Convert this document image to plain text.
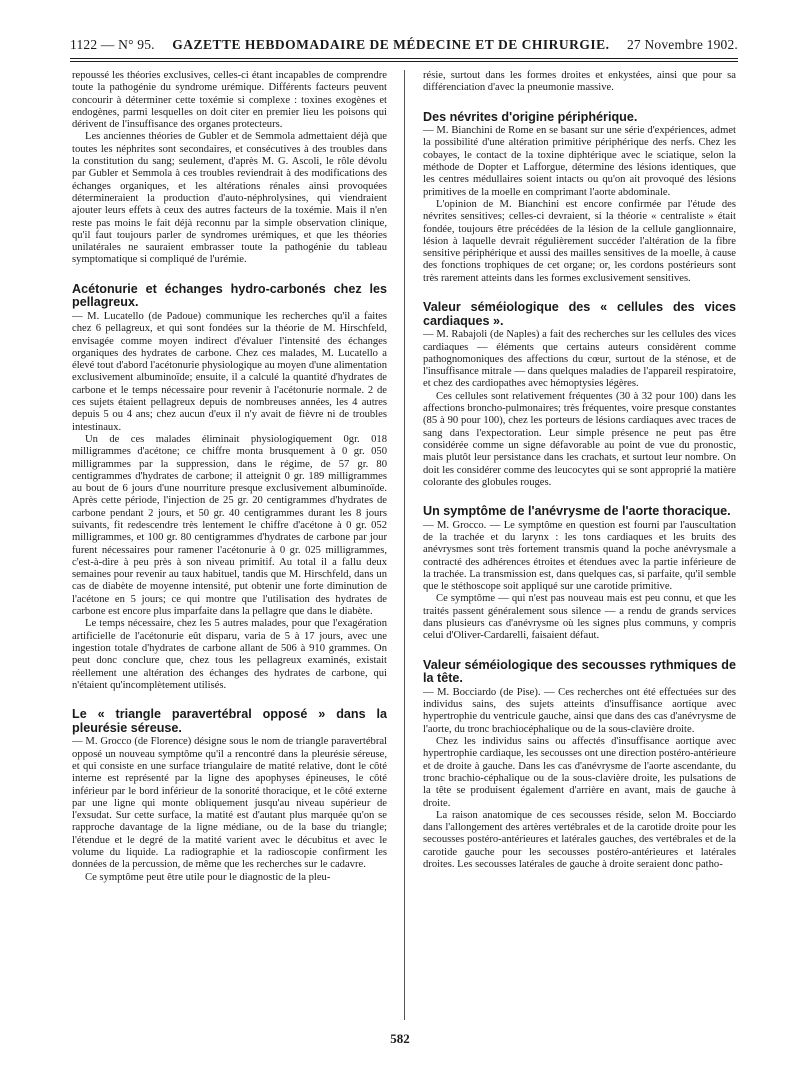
1122 — N° 95. GAZETTE HEBDOMADAIRE DE MÉDECINE ET DE CHIRURGIE. 27 Novembre 1902.

repoussé les théories exclusives, celles-ci étant incapables de comprendre toute la pathogénie du syndrome urémique. Différents facteurs peuvent concourir à déterminer cette toxémie si complexe : toxines exogènes et endogènes, parmi lesquelles on doit citer en premier lieu les poisons qui dérivent de l'insuffisance des organes protecteurs.

Les anciennes théories de Gubler et de Semmola admettaient déjà que toutes les néphrites sont secondaires, et consécutives à des troubles dans la constitution du sang; seulement, d'après M. G. Ascoli, le rôle dévolu par Gubler et Semmola à ces troubles reviendrait à des modifications des échanges organiques, et les altérations rénales ainsi provoquées détermineraient la production d'auto-néphrolysines, qui viendraient ajouter leurs effets à ceux des autres facteurs de la toxémie. Mais il n'en reste pas moins le fait déjà reconnu par la simple observation clinique, qu'il faut toujours parler de syndromes urémiques, et que les théories unilatérales ne sauraient embrasser toute la pathogénie du tableau symptomatique si compliqué de l'urémie.

Acétonurie et échanges hydro-carbonés chez les pellagreux.

— M. Lucatello (de Padoue) communique les recherches qu'il a faites chez 6 pellagreux, et qui sont fondées sur la théorie de M. Hirschfeld, envisagée comme moyen indirect d'évaluer l'intensité des échanges organiques des hydrates de carbone. Chez ces malades, M. Lucatello a élevé tout d'abord l'acétonurie physiologique au moyen d'une alimentation exclusivement albuminoïde; ensuite, il a calculé la quantité d'hydrates de carbone et le temps nécessaire pour revenir à l'acétonurie normale. 2 de ces sujets étaient pellagreux depuis de nombreuses années, les 4 autres depuis 5 ou 4 ans; chez aucun d'eux il n'y avait de fièvre ni de troubles intestinaux.

Un de ces malades éliminait physiologiquement 0gr. 018 milligrammes d'acétone; ce chiffre monta brusquement à 0 gr. 050 milligrammes par la suppression, dans le régime, de 57 gr. 80 centigrammes d'hydrates de carbone; il atteignit 0 gr. 189 milligrammes au bout de 6 jours d'une nourriture presque exclusivement albuminoïde. Après cette période, l'injection de 25 gr. 20 centigrammes d'hydrates de carbone pendant 2 jours, et 50 gr. 40 centigrammes durant les 8 jours suivants, fit redescendre très lentement le chiffre d'acétone à 0 gr. 052 milligrammes, et 100 gr. 80 centigrammes d'hydrates de carbone par jour furent nécessaires pour ramener l'acétonurie à 0 gr. 025 milligrammes, c'est-à-dire à peu près à son niveau primitif. Au total il a fallu deux semaines pour revenir au taux habituel, tandis que M. Hirschfeld, dans un cas de diabète de moyenne intensité, put obtenir une forte diminution de l'acétone en 5 jours; ce qui montre que l'utilisation des hydrates de carbone est encore plus imparfaite dans la pellagre que dans le diabète.

Le temps nécessaire, chez les 5 autres malades, pour que l'exagération artificielle de l'acétonurie eût disparu, varia de 5 à 17 jours, avec une ingestion totale d'hydrates de carbone allant de 506 à 910 grammes. On peut donc conclure que, chez tous les pellagreux examinés, existait réellement une altération des échanges des hydrates de carbone, qui n'étaient qu'incomplètement utilisés.

Le « triangle paravertébral opposé » dans la pleurésie séreuse.

— M. Grocco (de Florence) désigne sous le nom de triangle paravertébral opposé un nouveau symptôme qu'il a rencontré dans la pleurésie séreuse, et qui consiste en une surface triangulaire de matité relative, dont le côté interne est représenté par la ligne des apophyses épineuses, le côté inférieur par le bord inférieur de la sonorité thoracique, et le côté externe par une ligne qui monte obliquement jusqu'au niveau supérieur de l'exsudat. Sur cette surface, la matité est d'autant plus marquée qu'on se rapproche davantage de la ligne médiane, ou de la base du triangle; l'étendue et le degré de la matité varient avec le décubitus et avec le volume du liquide. La radiographie et la radioscopie confirment les données de la percussion, de même que les recherches sur le cadavre.

Ce symptôme peut être utile pour le diagnostic de la pleu-

résie, surtout dans les formes droites et enkystées, ainsi que pour sa différenciation d'avec la pneumonie massive.

Des névrites d'origine périphérique.

— M. Bianchini de Rome en se basant sur une série d'expériences, admet la possibilité d'une altération primitive périphérique des nerfs. Chez les cobayes, le contact de la toxine diphtérique avec le sciatique, selon la méthode de Dopter et Lafforgue, détermine des lésions identiques, que les centres médullaires soient intacts ou qu'on ait provoqué des lésions primitives de la moelle en comprimant l'aorte abdominale.

L'opinion de M. Bianchini est encore confirmée par l'étude des névrites sensitives; celles-ci devraient, si la théorie « centraliste » était fondée, toujours être précédées de la lésion de la cellule ganglionnaire, lésion à laquelle devrait régulièrement succéder l'altération de la fibre sensitive périphérique et aussi des mailles sensitives de la moelle, à cause des fonctions trophiques de cet organe; or, les cordons postérieurs sont très rarement atteints dans les formes exclusivement sensitives.

Valeur séméiologique des « cellules des vices cardiaques ».

— M. Rabajoli (de Naples) a fait des recherches sur les cellules des vices cardiaques — éléments que certains auteurs considèrent comme pathognomoniques des affections du cœur, surtout de la sténose, et de l'insuffisance mitrale — dans quelques maladies de l'appareil respiratoire, et chez des cardiopathes avec hémoptysies légères.

Ces cellules sont relativement fréquentes (30 à 32 pour 100) dans les affections broncho-pulmonaires; très fréquentes, voire presque constantes (85 à 90 pour 100), chez les porteurs de lésions cardiaques avec traces de sang dans l'expectoration. Leur simple présence ne peut pas être considérée comme un signe défavorable au point de vue du pronostic, mais plutôt leur persistance dans les crachats, et surtout leur nombre. On doit les considérer comme des leucocytes qui se sont approprié la matière colorante des globules rouges.

Un symptôme de l'anévrysme de l'aorte thoracique.

— M. Grocco. — Le symptôme en question est fourni par l'auscultation de la trachée et du larynx : les tons cardiaques et les bruits des anévrysmes sont très fortement transmis quand la poche anévrysmale a contracté des adhérences étroites et étendues avec la partie inférieure de la trachée. La transmission est, dans quelques cas, si parfaite, qu'il semble que le stéthoscope soit appliqué sur une carotide primitive.

Ce symptôme — qui n'est pas nouveau mais est peu connu, et que les traités passent généralement sous silence — a rendu de grands services dans plusieurs cas d'anévrysme où les signes plus communs, y compris celui d'Oliver-Cardarelli, faisaient défaut.

Valeur séméiologique des secousses rythmiques de la tête.

— M. Bocciardo (de Pise). — Ces recherches ont été effectuées sur des individus sains, des sujets atteints d'insuffisance aortique avec hypertrophie du ventricule gauche, ainsi que dans des cas d'anévrysme de l'aorte, du tronc brachiocéphalique ou de la sous-clavière droite.

Chez les individus sains ou affectés d'insuffisance aortique avec hypertrophie cardiaque, les secousses ont une direction postéro-antérieure et de droite à gauche. Dans les cas d'anévrysme de l'aorte ascendante, du tronc brachio-céphalique ou de la sous-clavière droite, les pulsations de la tête se produisent également d'arrière en avant, mais de gauche à droite.

La raison anatomique de ces secousses réside, selon M. Bocciardo dans l'allongement des artères vertébrales et de la carotide droite pour les secousses postéro-antérieures et latérales gauches, des vertébrales et de la carotide gauche pour les secousses postéro-antérieures et latérales droites. Les secousses latérales de gauche à droite seraient donc patho-

582
